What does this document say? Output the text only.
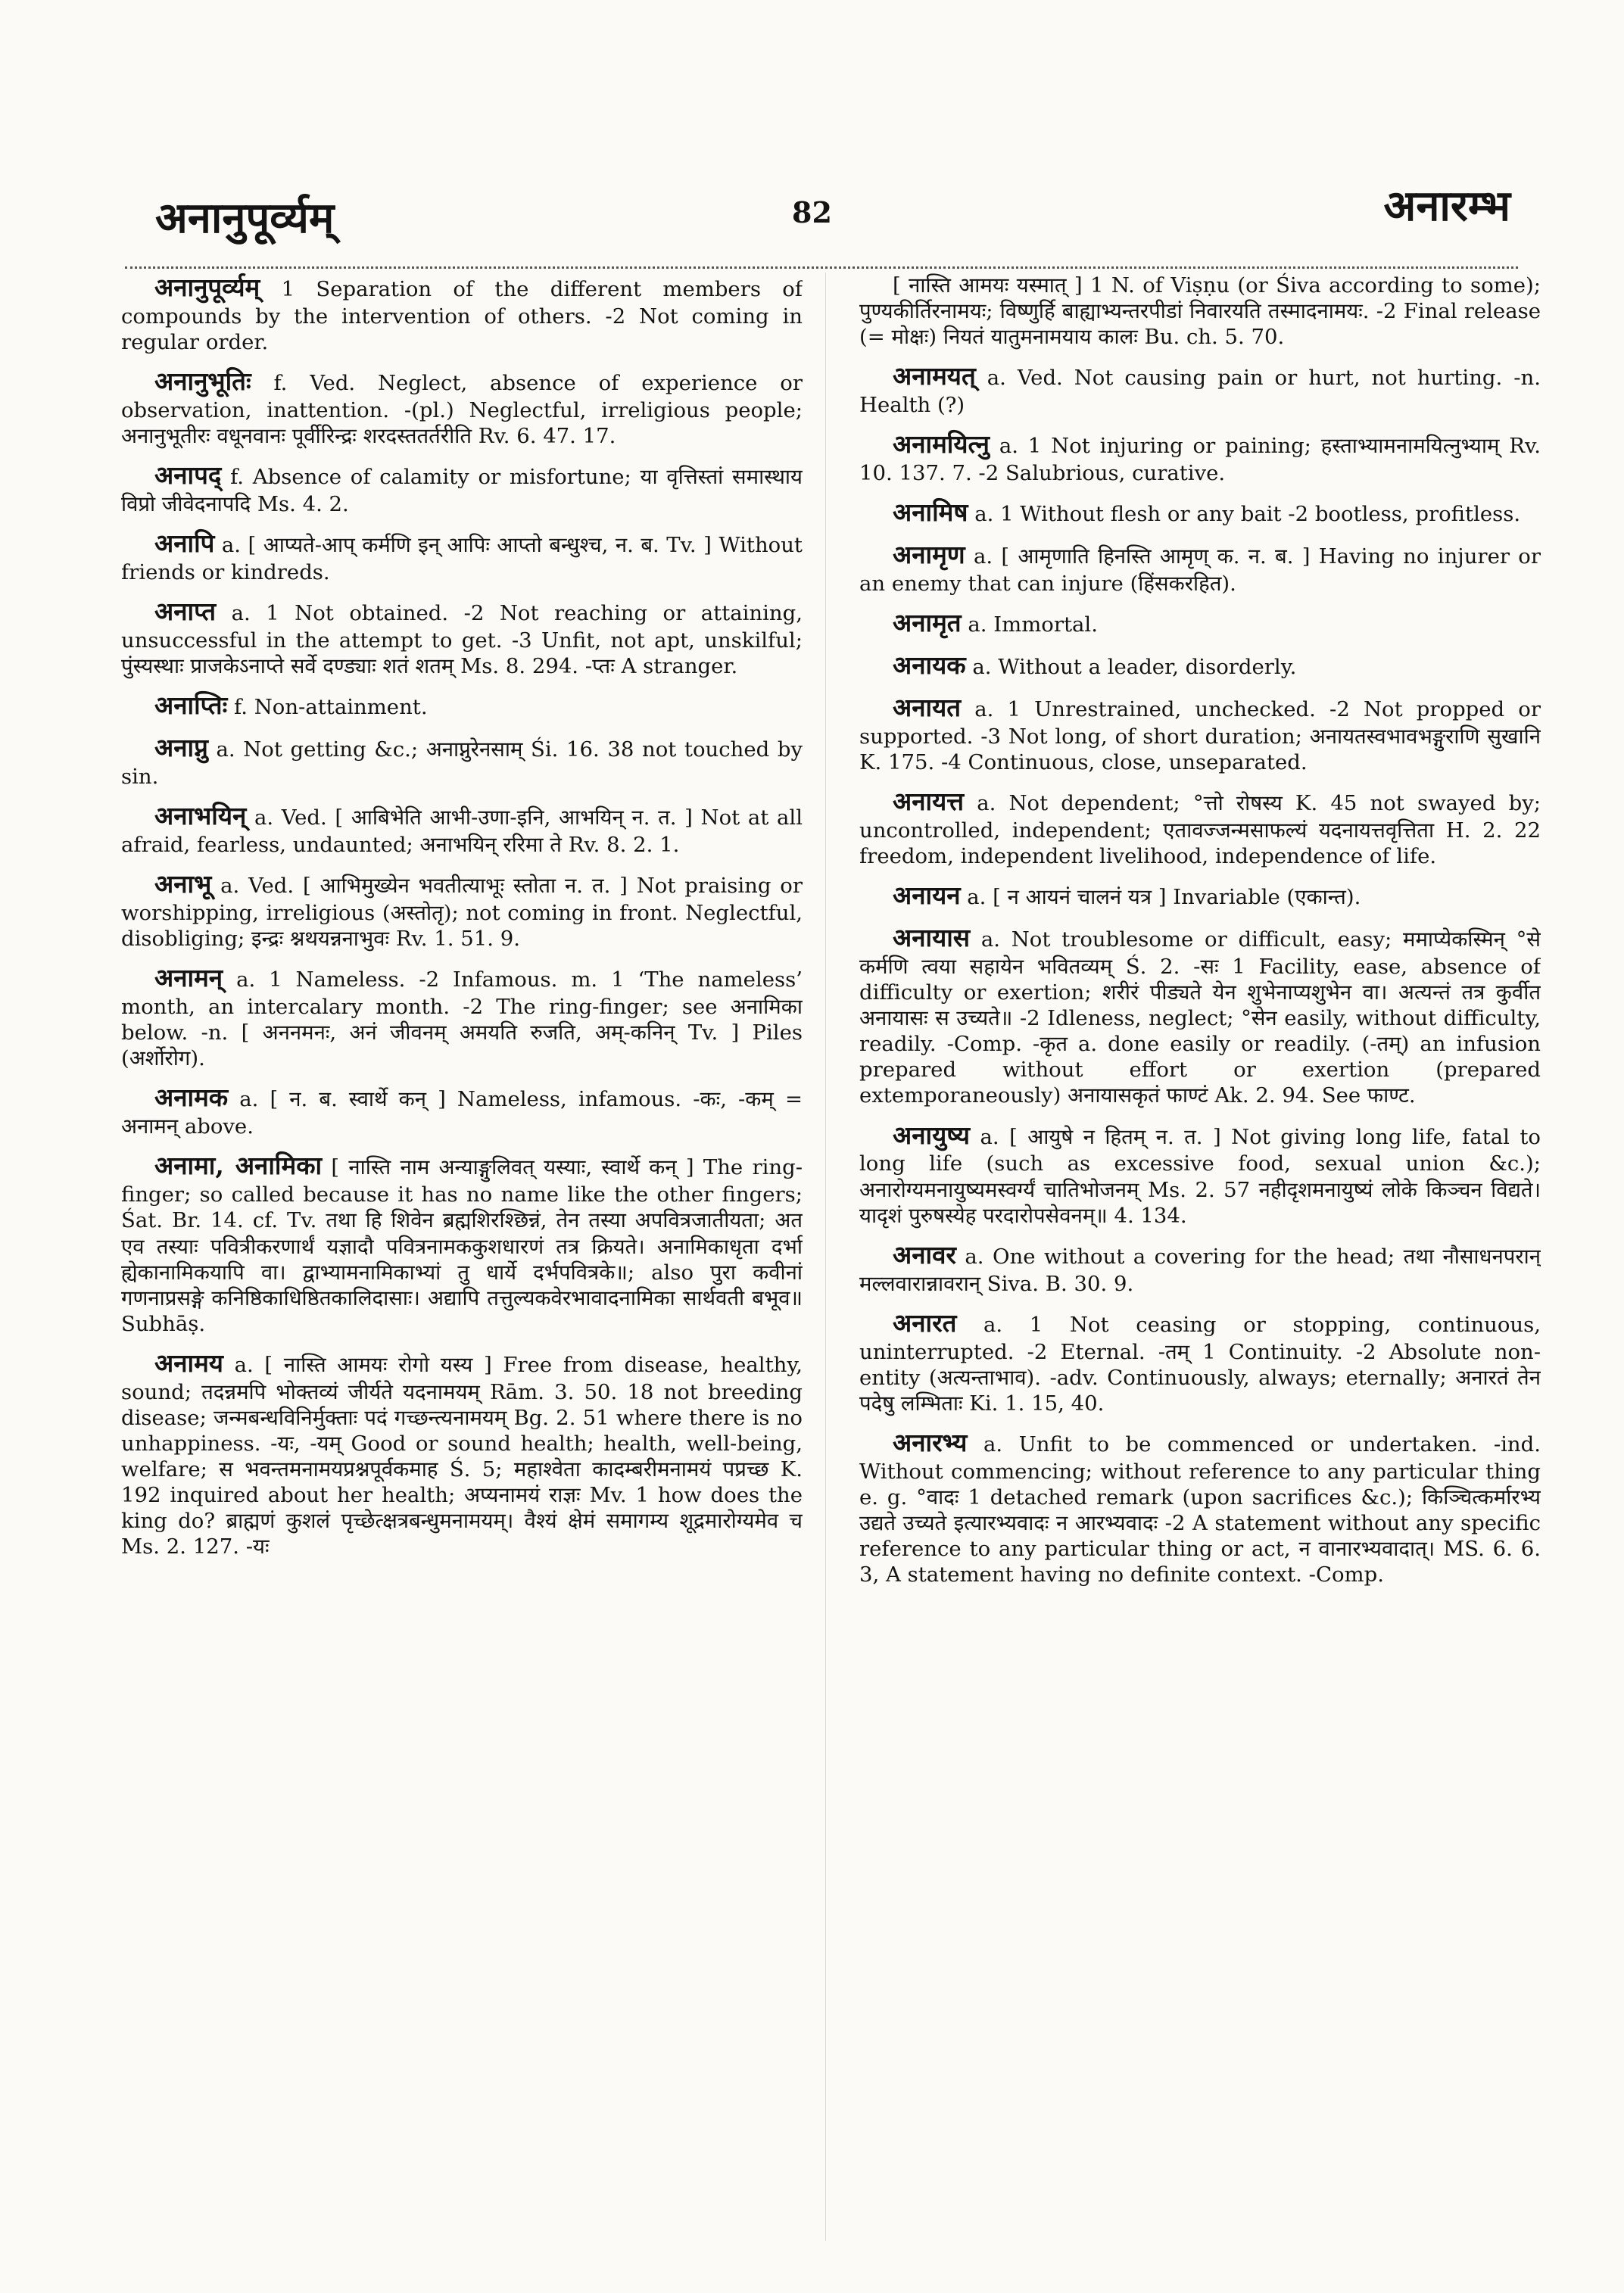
अनानुपूर्व्यम्	82	अनारम्भ

अनानुपूर्व्यम् 1 Separation of the different members of compounds by the intervention of others. -2 Not coming in regular order.

अनानुभूतिः f. Ved. Neglect, absence of experience or observation, inattention. -(pl.) Neglectful, irreligious people; अनानुभूतीरः वधूनवानः पूर्वीरिन्द्रः शरदस्ततर्तरीति Rv. 6. 47. 17.

अनापद् f. Absence of calamity or misfortune; या वृत्तिस्तां समास्थाय विप्रो जीवेदनापदि Ms. 4. 2.

अनापि a. [ आप्यते-आप् कर्मणि इन् आपिः आप्तो बन्धुश्च, न. ब. Tv. ] Without friends or kindreds.

अनाप्त a. 1 Not obtained. -2 Not reaching or attaining, unsuccessful in the attempt to get. -3 Unfit, not apt, unskilful; पुंस्यस्थाः प्राजकेऽनाप्ते सर्वे दण्ड्याः शतं शतम् Ms. 8. 294. -प्तः A stranger.

अनाप्तिः f. Non-attainment.

अनाप्नु a. Not getting &c.; अनाप्नुरेनसाम् Śi. 16. 38 not touched by sin.

अनाभयिन् a. Ved. [ आबिभेति आभी-उणा-इनि, आभयिन् न. त. ] Not at all afraid, fearless, undaunted; अनाभयिन् ररिमा ते Rv. 8. 2. 1.

अनाभू a. Ved. [ आभिमुख्येन भवतीत्याभूः स्तोता न. त. ] Not praising or worshipping, irreligious (अस्तोतृ); not coming in front. Neglectful, disobliging; इन्द्रः श्नथयन्ननाभुवः Rv. 1. 51. 9.

अनामन् a. 1 Nameless. -2 Infamous. m. 1 ‘The nameless’ month, an intercalary month. -2 The ring-finger; see अनामिका below. -n. [ अननमनः, अनं जीवनम् अमयति रुजति, अम्-कनिन् Tv. ] Piles (अर्शोरोग).

अनामक a. [ न. ब. स्वार्थे कन् ] Nameless, infamous. -कः, -कम् = अनामन् above.

अनामा, अनामिका [ नास्ति नाम अन्याङ्गुलिवत् यस्याः, स्वार्थे कन् ] The ring-finger; so called because it has no name like the other fingers; Śat. Br. 14. cf. Tv. तथा हि शिवेन ब्रह्मशिरश्छिन्नं, तेन तस्या अपवित्रजातीयता; अत एव तस्याः पवित्रीकरणार्थं यज्ञादौ पवित्रनामककुशधारणं तत्र क्रियते। अनामिकाधृता दर्भा ह्येकानामिकयापि वा। द्वाभ्यामनामिकाभ्यां तु धार्ये दर्भपवित्रके॥; also पुरा कवीनां गणनाप्रसङ्गे कनिष्ठिकाधिष्ठितकालिदासाः। अद्यापि तत्तुल्यकवेरभावादनामिका सार्थवती बभूव॥ Subhāṣ.

अनामय a. [ नास्ति आमयः रोगो यस्य ] Free from disease, healthy, sound; तदन्नमपि भोक्तव्यं जीर्यते यदनामयम् Rām. 3. 50. 18 not breeding disease; जन्मबन्धविनिर्मुक्ताः पदं गच्छन्त्यनामयम् Bg. 2. 51 where there is no unhappiness. -यः, -यम् Good or sound health; health, well-being, welfare; स भवन्तमनामयप्रश्नपूर्वकमाह Ś. 5; महाश्वेता कादम्बरीमनामयं पप्रच्छ K. 192 inquired about her health; अप्यनामयं राज्ञः Mv. 1 how does the king do? ब्राह्मणं कुशलं पृच्छेत्क्षत्रबन्धुमनामयम्। वैश्यं क्षेमं समागम्य शूद्रमारोग्यमेव च Ms. 2. 127. -यः

[ नास्ति आमयः यस्मात् ] 1 N. of Viṣṇu (or Śiva according to some); पुण्यकीर्तिरनामयः; विष्णुर्हि बाह्याभ्यन्तरपीडां निवारयति तस्मादनामयः. -2 Final release (= मोक्षः) नियतं यातुमनामयाय कालः Bu. ch. 5. 70.

अनामयत् a. Ved. Not causing pain or hurt, not hurting. -n. Health (?)

अनामयित्नु a. 1 Not injuring or paining; हस्ताभ्यामनामयित्नुभ्याम् Rv. 10. 137. 7. -2 Salubrious, curative.

अनामिष a. 1 Without flesh or any bait -2 bootless, profitless.

अनामृण a. [ आमृणाति हिनस्ति आमृण् क. न. ब. ] Having no injurer or an enemy that can injure (हिंसकरहित).

अनामृत a. Immortal.

अनायक a. Without a leader, disorderly.

अनायत a. 1 Unrestrained, unchecked. -2 Not propped or supported. -3 Not long, of short duration; अनायतस्वभावभङ्गुराणि सुखानि K. 175. -4 Continuous, close, unseparated.

अनायत्त a. Not dependent; °त्तो रोषस्य K. 45 not swayed by; uncontrolled, independent; एतावज्जन्मसाफल्यं यदनायत्तवृत्तिता H. 2. 22 freedom, independent livelihood, independence of life.

अनायन a. [ न आयनं चालनं यत्र ] Invariable (एकान्त).

अनायास a. Not troublesome or difficult, easy; ममाप्येकस्मिन् °से कर्मणि त्वया सहायेन भवितव्यम् Ś. 2. -सः 1 Facility, ease, absence of difficulty or exertion; शरीरं पीड्यते येन शुभेनाप्यशुभेन वा। अत्यन्तं तत्र कुर्वीत अनायासः स उच्यते॥ -2 Idleness, neglect; °सेन easily, without difficulty, readily. -Comp. -कृत a. done easily or readily. (-तम्) an infusion prepared without effort or exertion (prepared extemporaneously) अनायासकृतं फाण्टं Ak. 2. 94. See फाण्ट.

अनायुष्य a. [ आयुषे न हितम् न. त. ] Not giving long life, fatal to long life (such as excessive food, sexual union &c.); अनारोग्यमनायुष्यमस्वर्ग्यं चातिभोजनम् Ms. 2. 57 नहीदृशमनायुष्यं लोके किञ्चन विद्यते। यादृशं पुरुषस्येह परदारोपसेवनम्॥ 4. 134.

अनावर a. One without a covering for the head; तथा नौसाधनपरान् मल्लवारान्नावरान् Siva. B. 30. 9.

अनारत a. 1 Not ceasing or stopping, continuous, uninterrupted. -2 Eternal. -तम् 1 Continuity. -2 Absolute non-entity (अत्यन्ताभाव). -adv. Continuously, always; eternally; अनारतं तेन पदेषु लम्भिताः Ki. 1. 15, 40.

अनारभ्य a. Unfit to be commenced or undertaken. -ind. Without commencing; without reference to any particular thing e. g. °वादः 1 detached remark (upon sacrifices &c.); किञ्चित्कर्मारभ्य उद्यते उच्यते इत्यारभ्यवादः न आरभ्यवादः -2 A statement without any specific reference to any particular thing or act, न वानारभ्यवादात्। MS. 6. 6. 3, A statement having no definite context. -Comp.
